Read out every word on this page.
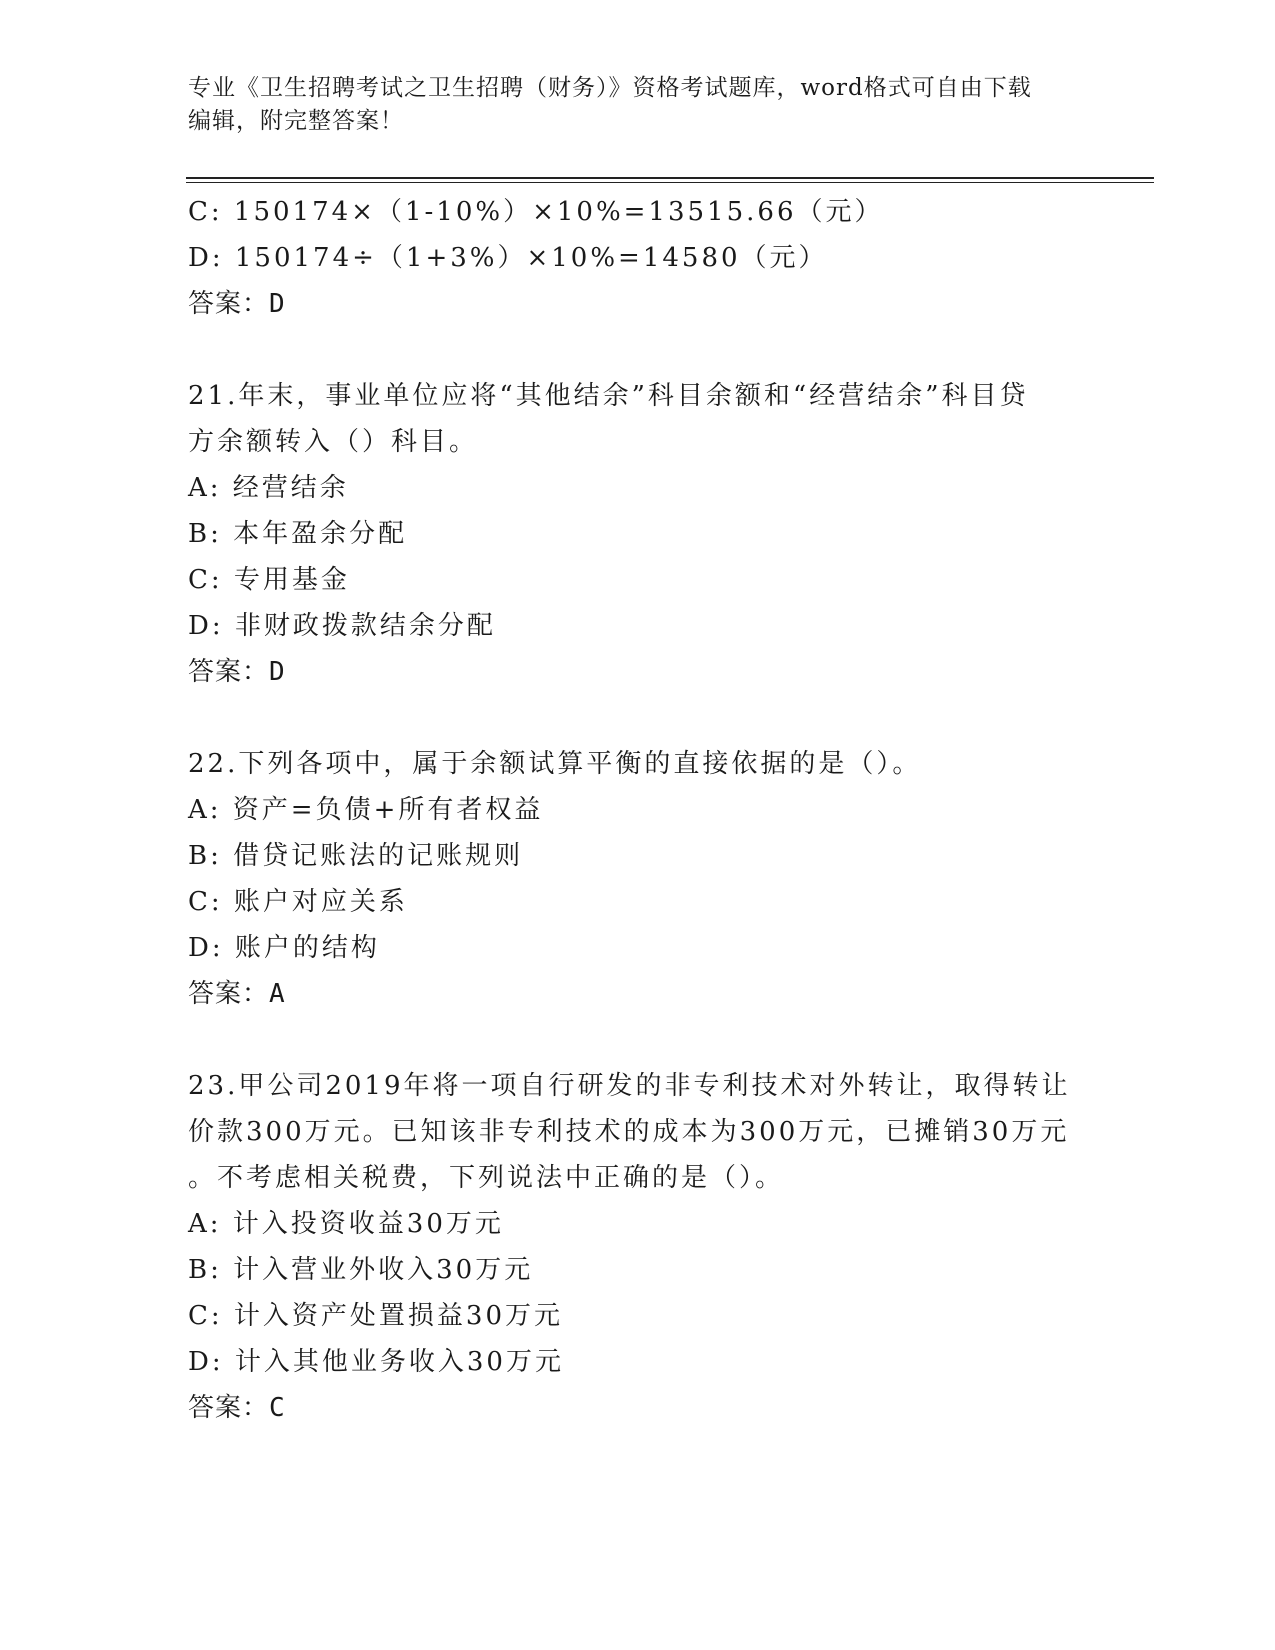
专业《卫生招聘考试之卫生招聘（财务）》资格考试题库，word格式可自由下载
编辑，附完整答案！
C: 150174×（1-10%）×10%=13515.66（元）
D: 150174÷（1+3%）×10%=14580（元）
答案：D
21.年末，事业单位应将“其他结余”科目余额和“经营结余”科目贷
方余额转入（）科目。
A: 经营结余
B: 本年盈余分配
C: 专用基金
D: 非财政拨款结余分配
答案：D
22.下列各项中，属于余额试算平衡的直接依据的是（）。
A: 资产=负债+所有者权益
B: 借贷记账法的记账规则
C: 账户对应关系
D: 账户的结构
答案：A
23.甲公司2019年将一项自行研发的非专利技术对外转让，取得转让
价款300万元。已知该非专利技术的成本为300万元，已摊销30万元
。不考虑相关税费，下列说法中正确的是（）。
A: 计入投资收益30万元
B: 计入营业外收入30万元
C: 计入资产处置损益30万元
D: 计入其他业务收入30万元
答案：C
